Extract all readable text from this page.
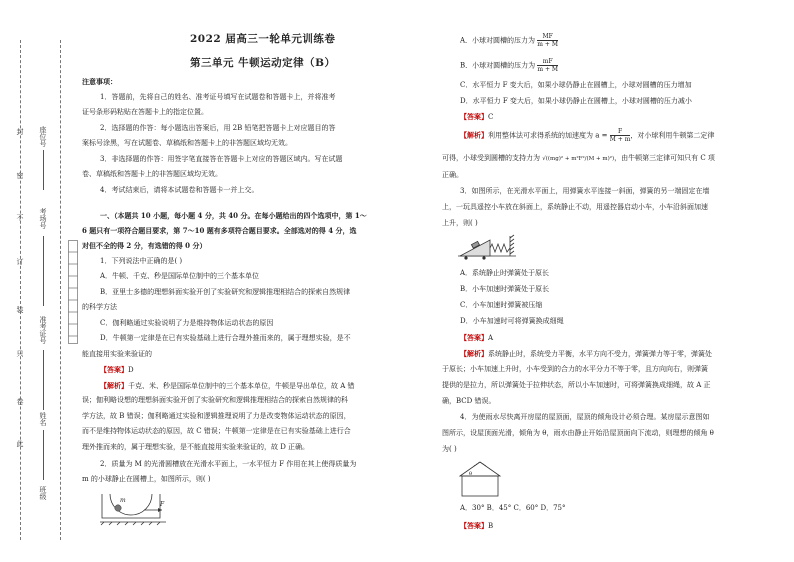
封
密
不
订
装
只
卷
此
座位号
考场号
准考证号
姓名
班级
2022 届高三一轮单元训练卷
第三单元 牛顿运动定律（B）
注意事项：
1．答题前，先将自己的姓名、准考证号填写在试题卷和答题卡上，并将准考
证号条形码粘贴在答题卡上的指定位置。
2．选择题的作答：每小题选出答案后，用 2B 铅笔把答题卡上对应题目的答
案标号涂黑，写在试题卷、草稿纸和答题卡上的非答题区域均无效。
3．非选择题的作答：用签字笔直接答在答题卡上对应的答题区域内。写在试题
卷、草稿纸和答题卡上的非答题区域均无效。
4．考试结束后，请将本试题卷和答题卡一并上交。
一、（本题共 10 小题，每小题 4 分，共 40 分。在每小题给出的四个选项中，第 1～
6 题只有一项符合题目要求，第 7～10 题有多项符合题目要求。全部选对的得 4 分，选
对但不全的得 2 分，有选错的得 0 分）
1．下列说法中正确的是( )
A．牛顿、千克、秒是国际单位制中的三个基本单位
B．亚里士多德的理想斜面实验开创了实验研究和逻辑推理相结合的探索自然规律
的科学方法
C．伽利略通过实验说明了力是维持物体运动状态的原因
D．牛顿第一定律是在已有实验基础上进行合理外推而来的，属于理想实验，是不
能直接用实验来验证的
【答案】D
【解析】千克、米、秒是国际单位制中的三个基本单位，牛顿是导出单位，故 A 错
误；伽利略设想的理想斜面实验开创了实验研究和逻辑推理相结合的探索自然规律的科
学方法，故 B 错误；伽利略通过实验和逻辑推理说明了力是改变物体运动状态的原因，
而不是维持物体运动状态的原因，故 C 错误；牛顿第一定律是在已有实验基础上进行合
理外推而来的，属于理想实验，是不能直接用实验来验证的，故 D 正确。
2．质量为 M 的光滑圆槽放在光滑水平面上，一水平恒力 F 作用在其上使得质量为
m 的小球静止在圆槽上，如图所示，则( )
m
F
A．小球对圆槽的压力为 $\frac{MF}{m + M}$
B．小球对圆槽的压力为 $\frac{mF}{m + M}$
C．水平恒力 F 变大后，如果小球仍静止在圆槽上，小球对圆槽的压力增加
D．水平恒力 F 变大后，如果小球仍静止在圆槽上，小球对圆槽的压力减小
【答案】C
【解析】利用整体法可求得系统的加速度为 $a = \frac{F}{M + m}$ ，对小球利用牛顿第二定律
可得，小球受到圆槽的支持力为 √((mg)² + m²F²/(M + m)²)，由牛顿第三定律可知只有 C 项
正确。
3．如图所示，在光滑水平面上，用弹簧水平连接一斜面，弹簧的另一端固定在墙
上，一玩具遥控小车放在斜面上，系统静止不动，用遥控器启动小车，小车沿斜面加速
上升，则( )
A．系统静止时弹簧处于原长
B．小车加速时弹簧处于原长
C．小车加速时弹簧被压缩
D．小车加速时可将弹簧换成细绳
【答案】A
【解析】系统静止时，系统受力平衡，水平方向不受力，弹簧弹力等于零，弹簧处
于原长；小车加速上升时，小车受到的合力的水平分力不等于零，且方向向右，则弹簧
提供的是拉力，所以弹簧处于拉伸状态，所以小车加速时，可将弹簧换成细绳，故 A 正
确，BCD 错误。
4．为使雨水尽快离开房屋的屋顶面，屋顶的倾角设计必须合理。某房屋示意图如
图所示，设屋顶面光滑，倾角为 θ，雨水由静止开始沿屋顶面向下流动，则理想的倾角 θ
为( )
θ
A．30° B．45° C．60° D．75°
【答案】B
